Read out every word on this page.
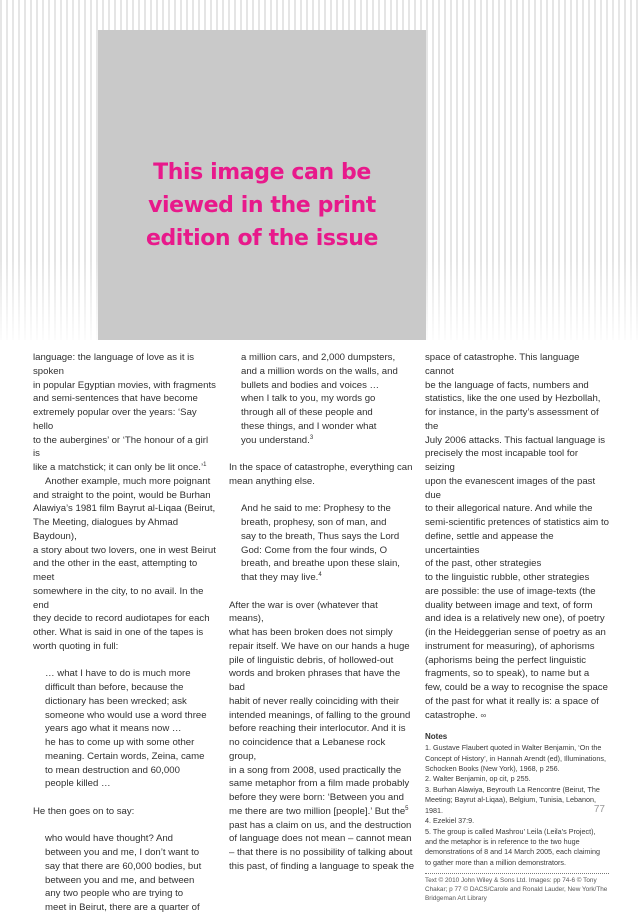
This image can be
viewed in the print
edition of the issue

language: the language of love as it is spoken

in popular Egyptian movies, with fragments

and semi-sentences that have become

extremely popular over the years: ‘Say hello

to the aubergines’ or ‘The honour of a girl is

like a matchstick; it can only be lit once.’$^1$

Another example, much more poignant

and straight to the point, would be Burhan

Alawiya’s 1981 film Bayrut al-Liqaa (Beirut,

The Meeting, dialogues by Ahmad Baydoun),

a story about two lovers, one in west Beirut

and the other in the east, attempting to meet

somewhere in the city, to no avail. In the end

they decide to record audiotapes for each

other. What is said in one of the tapes is

worth quoting in full:

… what I have to do is much more

difficult than before, because the

dictionary has been wrecked; ask

someone who would use a word three

years ago what it means now …

he has to come up with some other

meaning. Certain words, Zeina, came

to mean destruction and 60,000

people killed …

He then goes on to say:

who would have thought? And

between you and me, I don’t want to

say that there are 60,000 bodies, but

between you and me, and between

any two people who are trying to

meet in Beirut, there are a quarter of

a million cars, and 2,000 dumpsters,

and a million words on the walls, and

bullets and bodies and voices …

when I talk to you, my words go

through all of these people and

these things, and I wonder what

you understand.$^3$

In the space of catastrophe, everything can

mean anything else.

And he said to me: Prophesy to the

breath, prophesy, son of man, and

say to the breath, Thus says the Lord

God: Come from the four winds, O

breath, and breathe upon these slain,

that they may live.$^4$

After the war is over (whatever that means),

what has been broken does not simply

repair itself. We have on our hands a huge

pile of linguistic debris, of hollowed-out

words and broken phrases that have the bad

habit of never really coinciding with their

intended meanings, of falling to the ground

before reaching their interlocutor. And it is

no coincidence that a Lebanese rock group,

in a song from 2008, used practically the

same metaphor from a film made probably

before they were born: ‘Between you and

me there are two million [people].’ But the$^5$

past has a claim on us, and the destruction

of language does not mean – cannot mean

– that there is no possibility of talking about

this past, of finding a language to speak the

space of catastrophe. This language cannot

be the language of facts, numbers and

statistics, like the one used by Hezbollah,

for instance, in the party’s assessment of the

July 2006 attacks. This factual language is

precisely the most incapable tool for seizing

upon the evanescent images of the past due

to their allegorical nature. And while the

semi-scientific pretences of statistics aim to

define, settle and appease the uncertainties

of the past, other strategies

to the linguistic rubble, other strategies

are possible: the use of image-texts (the

duality between image and text, of form

and idea is a relatively new one), of poetry

(in the Heideggerian sense of poetry as an

instrument for measuring), of aphorisms

(aphorisms being the perfect linguistic

fragments, so to speak), to name but a

few, could be a way to recognise the space

of the past for what it really is: a space of

catastrophe. ∞

Notes

1. Gustave Flaubert quoted in Walter Benjamin, ‘On the

Concept of History’, in Hannah Arendt (ed), Illuminations,

Schocken Books (New York), 1968, p 256.

2. Walter Benjamin, op cit, p 255.

3. Burhan Alawiya, Beyrouth La Rencontre (Beirut, The

Meeting; Bayrut al-Liqaa), Belgium, Tunisia, Lebanon,

1981.

4. Ezekiel 37:9.

5. The group is called Mashrou’ Leila (Leila’s Project),

and the metaphor is in reference to the two huge

demonstrations of 8 and 14 March 2005, each claiming

to gather more than a million demonstrators.

Text © 2010 John Wiley & Sons Ltd. Images: pp 74-6 © Tony

Chakar; p 77 © DACS/Carole and Ronald Lauder, New York/The

Bridgeman Art Library

77
